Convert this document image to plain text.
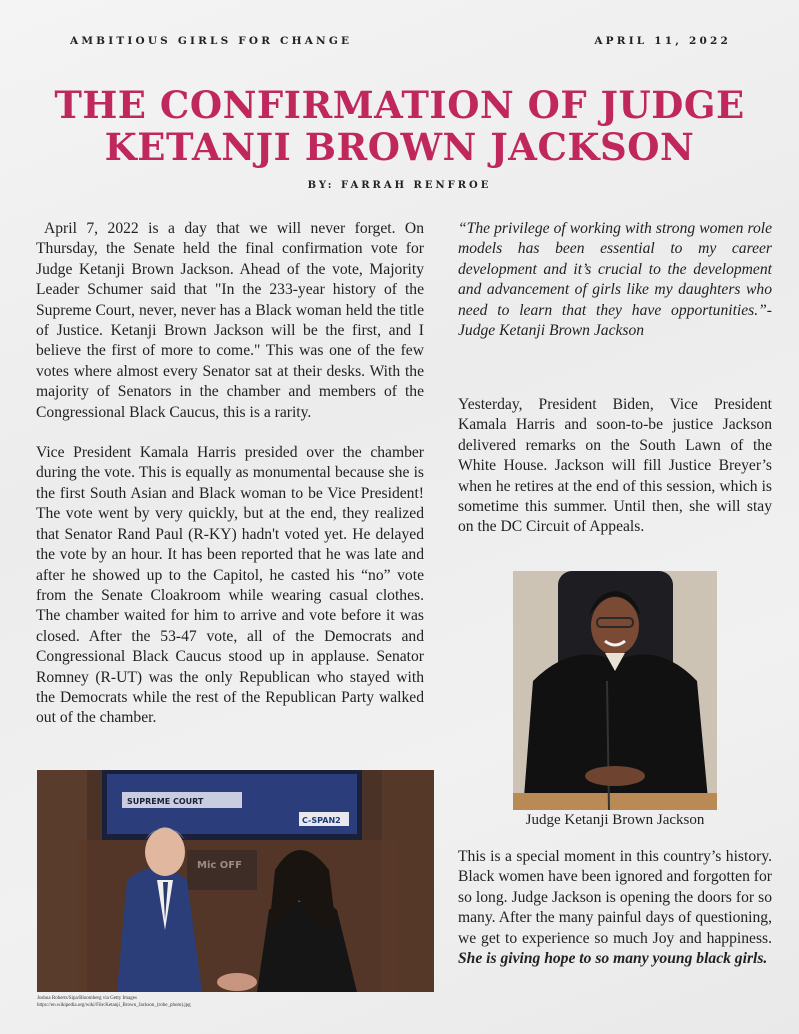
AMBITIOUS GIRLS FOR CHANGE	APRIL 11, 2022
THE CONFIRMATION OF JUDGE
KETANJI BROWN JACKSON
BY: FARRAH RENFROE

April 7, 2022 is a day that we will never forget. On Thursday, the Senate held the final confirmation vote for Judge Ketanji Brown Jackson. Ahead of the vote, Majority Leader Schumer said that "In the 233-year history of the Supreme Court, never, never has a Black woman held the title of Justice. Ketanji Brown Jackson will be the first, and I believe the first of more to come." This was one of the few votes where almost every Senator sat at their desks. With the majority of Senators in the chamber and members of the Congressional Black Caucus, this is a rarity.

Vice President Kamala Harris presided over the chamber during the vote. This is equally as monumental because she is the first South Asian and Black woman to be Vice President! The vote went by very quickly, but at the end, they realized that Senator Rand Paul (R-KY) hadn't voted yet. He delayed the vote by an hour. It has been reported that he was late and after he showed up to the Capitol, he casted his “no” vote from the Senate Cloakroom while wearing casual clothes. The chamber waited for him to arrive and vote before it was closed. After the 53-47 vote, all of the Democrats and Congressional Black Caucus stood up in applause. Senator Romney (R-UT) was the only Republican who stayed with the Democrats while the rest of the Republican Party walked out of the chamber.

“The privilege of working with strong women role models has been essential to my career development and it’s crucial to the development and advancement of girls like my daughters who need to learn that they have opportunities.”- Judge Ketanji Brown Jackson

Yesterday, President Biden, Vice President Kamala Harris and soon-to-be justice Jackson delivered remarks on the South Lawn of the White House. Jackson will fill Justice Breyer’s when he retires at the end of this session, which is sometime this summer. Until then, she will stay on the DC Circuit of Appeals.

This is a special moment in this country’s history. Black women have been ignored and forgotten for so long. Judge Jackson is opening the doors for so many. After the many painful days of questioning, we get to experience so much Joy and happiness. She is giving hope to so many young black girls.

SUPREME COURT
C-SPAN2
Joshua Roberts/Sipa/Bloomberg via Getty Images
https://en.wikipedia.org/wiki/File:Ketanji_Brown_Jackson_(robe_photo).jpg
Judge Ketanji Brown Jackson
